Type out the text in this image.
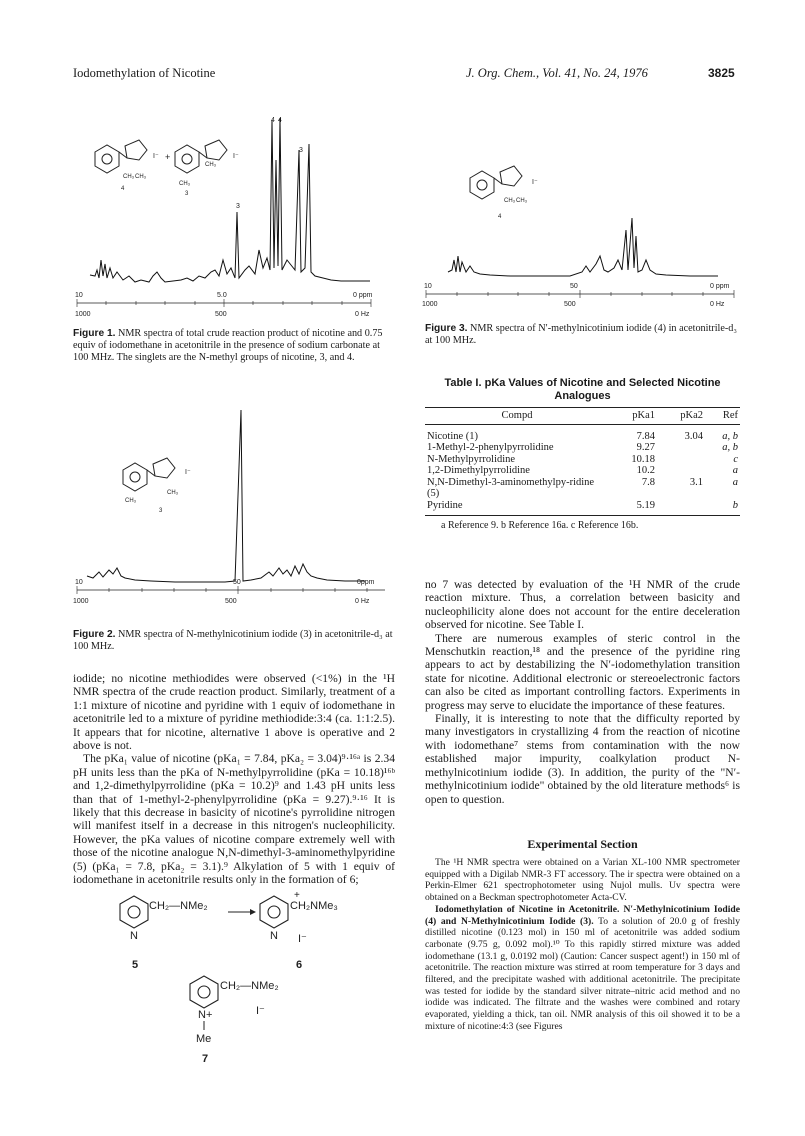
Iodomethylation of Nicotine	J. Org. Chem., Vol. 41, No. 24, 1976	3825
I⁻ +
CH₃ CH₃
4
I⁻
CH₃
CH₃
3
4 4
3
3
10	5.0	0 ppm
1000	500	0 Hz
Figure 1. NMR spectra of total crude reaction product of nicotine and 0.75 equiv of iodomethane in acetonitrile in the presence of sodium carbonate at 100 MHz. The singlets are the N-methyl groups of nicotine, 3, and 4.
I⁻
CH₃
CH₃
3
10	50	0ppm
1000	500	0 Hz
Figure 2. NMR spectra of N-methylnicotinium iodide (3) in acetonitrile-d₃ at 100 MHz.

iodide; no nicotine methiodides were observed (<1%) in the ¹H NMR spectra of the crude reaction product. Similarly, treatment of a 1:1 mixture of nicotine and pyridine with 1 equiv of iodomethane in acetonitrile led to a mixture of pyridine methiodide:3:4 (ca. 1:1:2.5). It appears that for nicotine, alternative 1 above is operative and 2 above is not.

The pKa₁ value of nicotine (pKa₁ = 7.84, pKa₂ = 3.04)⁹·¹⁶ᵃ is 2.34 pH units less than the pKa of N-methylpyrrolidine (pKa = 10.18)¹⁶ᵇ and 1,2-dimethylpyrrolidine (pKa = 10.2)⁹ and 1.43 pH units less than that of 1-methyl-2-phenylpyrrolidine (pKa = 9.27).⁹·¹⁶ It is likely that this decrease in basicity of nicotine's pyrrolidine nitrogen will manifest itself in a decrease in this nitrogen's nucleophilicity. However, the pKa values of nicotine compare extremely well with those of the nicotine analogue N,N-dimethyl-3-aminomethylpyridine (5) (pKa₁ = 7.8, pKa₂ = 3.1).⁹ Alkylation of 5 with 1 equiv of iodomethane in acetonitrile results only in the formation of 6;

CH₂—NMe₂
N
5
+
CH₂NMe₃
N I⁻
6
CH₂—NMe₂
I⁻
N+
Me
7
I⁻
CH₃ CH₃
4
10	50	0 ppm
1000	500	0 Hz
Figure 3. NMR spectra of N′-methylnicotinium iodide (4) in acetonitrile-d₃ at 100 MHz.
Table I. pKa Values of Nicotine and Selected Nicotine Analogues
Compd	pKa1	pKa2	Ref
Nicotine (1)	7.84	3.04	a, b
1-Methyl-2-phenylpyrrolidine	9.27		a, b
N-Methylpyrrolidine	10.18		c
1,2-Dimethylpyrrolidine	10.2		a
N,N-Dimethyl-3-aminomethylpy-ridine (5)	7.8	3.1	a
Pyridine	5.19		b
a Reference 9. b Reference 16a. c Reference 16b.

no 7 was detected by evaluation of the ¹H NMR of the crude reaction mixture. Thus, a correlation between basicity and nucleophilicity alone does not account for the entire deceleration observed for nicotine. See Table I.

There are numerous examples of steric control in the Menschutkin reaction,¹⁸ and the presence of the pyridine ring appears to act by destabilizing the N′-iodomethylation transition state for nicotine. Additional electronic or stereoelectronic factors can also be cited as important controlling factors. Experiments in progress may serve to elucidate the importance of these features.

Finally, it is interesting to note that the difficulty reported by many investigators in crystallizing 4 from the reaction of nicotine with iodomethane⁷ stems from contamination with the now established major impurity, coalkylation product N-methylnicotinium iodide (3). In addition, the purity of the "N′-methylnicotinium iodide" obtained by the old literature methods⁶ is open to question.

Experimental Section

The ¹H NMR spectra were obtained on a Varian XL-100 NMR spectrometer equipped with a Digilab NMR-3 FT accessory. The ir spectra were obtained on a Perkin-Elmer 621 spectrophotometer using Nujol mulls. Uv spectra were obtained on a Beckman spectrophotometer Acta-CV.

Iodomethylation of Nicotine in Acetonitrile. N′-Methylnicotinium Iodide (4) and N-Methylnicotinium Iodide (3). To a solution of 20.0 g of freshly distilled nicotine (0.123 mol) in 150 ml of acetonitrile was added sodium carbonate (9.75 g, 0.092 mol).¹⁰ To this rapidly stirred mixture was added iodomethane (13.1 g, 0.0192 mol) (Caution: Cancer suspect agent!) in 150 ml of acetonitrile. The reaction mixture was stirred at room temperature for 3 days and filtered, and the precipitate washed with additional acetonitrile. The precipitate was tested for iodide by the standard silver nitrate–nitric acid method and no iodide was indicated. The filtrate and the washes were combined and rotary evaporated, yielding a thick, tan oil. NMR analysis of this oil showed it to be a mixture of nicotine:4:3 (see Figures
